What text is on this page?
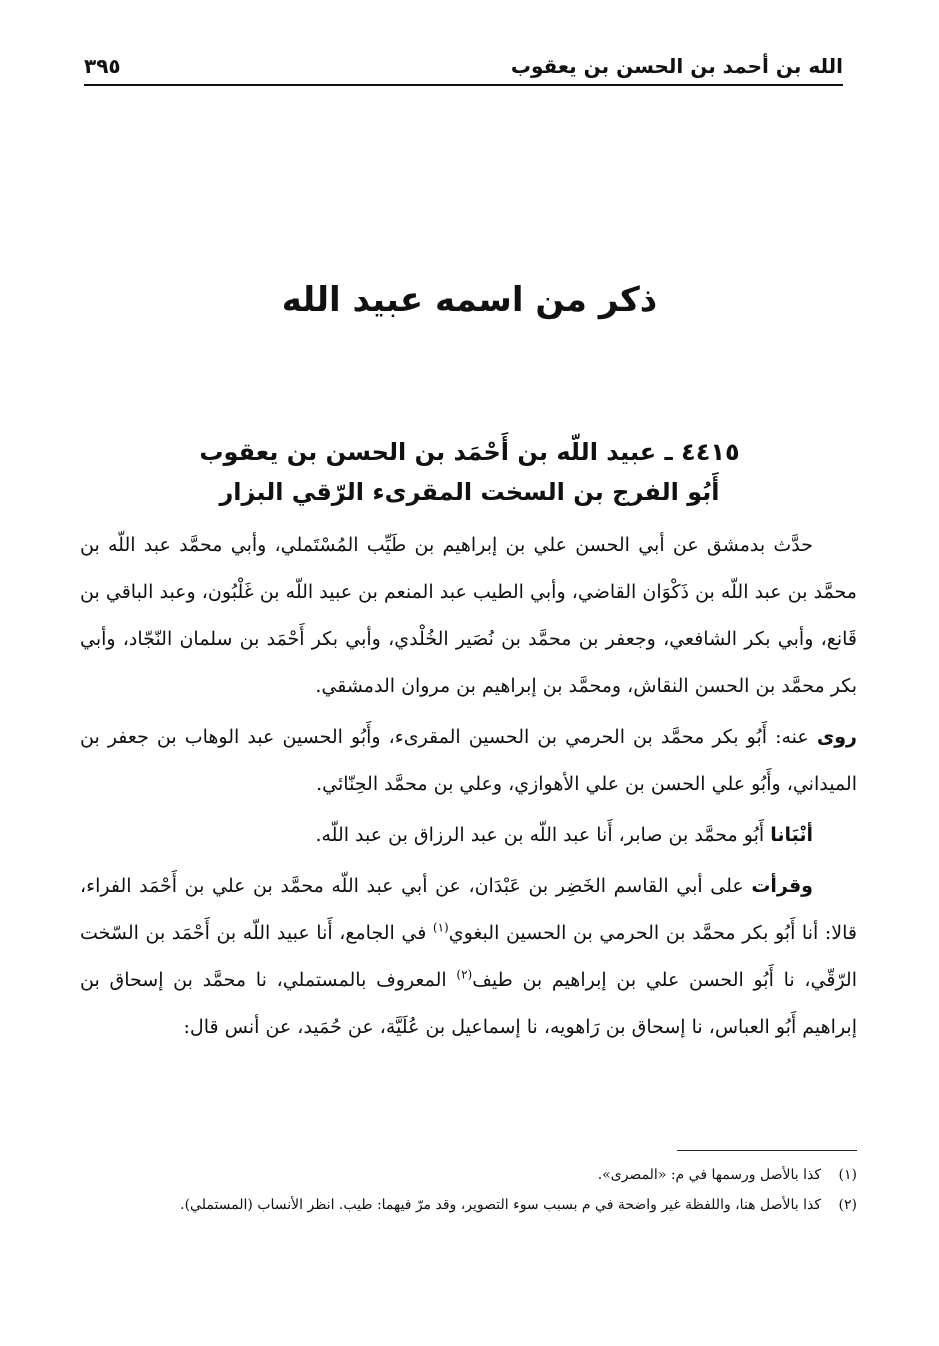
الله بن أحمد بن الحسن بن يعقوب
٣٩٥
ذكر من اسمه عبيد الله
٤٤١٥ ـ عبيد اللّه بن أَحْمَد بن الحسن بن يعقوب
أَبُو الفرج بن السخت المقرىء الرّقي البزار

حدَّث بدمشق عن أبي الحسن علي بن إبراهيم بن طَيِّب المُسْتَملي، وأبي محمَّد عبد اللّه بن محمَّد بن عبد اللّه بن ذَكْوَان القاضي، وأبي الطيب عبد المنعم بن عبيد اللّه بن غَلْبُون، وعبد الباقي بن قَانع، وأبي بكر الشافعي، وجعفر بن محمَّد بن نُصَير الخُلْدي، وأبي بكر أَحْمَد بن سلمان النّجّاد، وأبي بكر محمَّد بن الحسن النقاش، ومحمَّد بن إبراهيم بن مروان الدمشقي.

روى عنه: أَبُو بكر محمَّد بن الحرمي بن الحسين المقرىء، وأَبُو الحسين عبد الوهاب بن جعفر بن الميداني، وأَبُو علي الحسن بن علي الأهوازي، وعلي بن محمَّد الحِنّائي.

أنْبَانا أَبُو محمَّد بن صابر، أَنا عبد اللّه بن عبد الرزاق بن عبد اللّه.

وقرأت على أبي القاسم الخَضِر بن عَبْدَان، عن أبي عبد اللّه محمَّد بن علي بن أَحْمَد الفراء، قالا: أنا أَبُو بكر محمَّد بن الحرمي بن الحسين البغوي$^{(١)}$ في الجامع، أَنا عبيد اللّه بن أَحْمَد بن السّخت الرّقّي، نا أَبُو الحسن علي بن إبراهيم بن طيف$^{(٢)}$ المعروف بالمستملي، نا محمَّد بن إسحاق بن إبراهيم أَبُو العباس، نا إسحاق بن رَاهويه، نا إسماعيل بن عُلَيَّة، عن حُمَيد، عن أنس قال:

(١)
كذا بالأصل ورسمها في م: «المصرى».
(٢)
كذا بالأصل هنا، واللفظة غير واضحة في م بسبب سوء التصوير، وقد مرّ فيهما: طيب. انظر الأنساب (المستملي).
